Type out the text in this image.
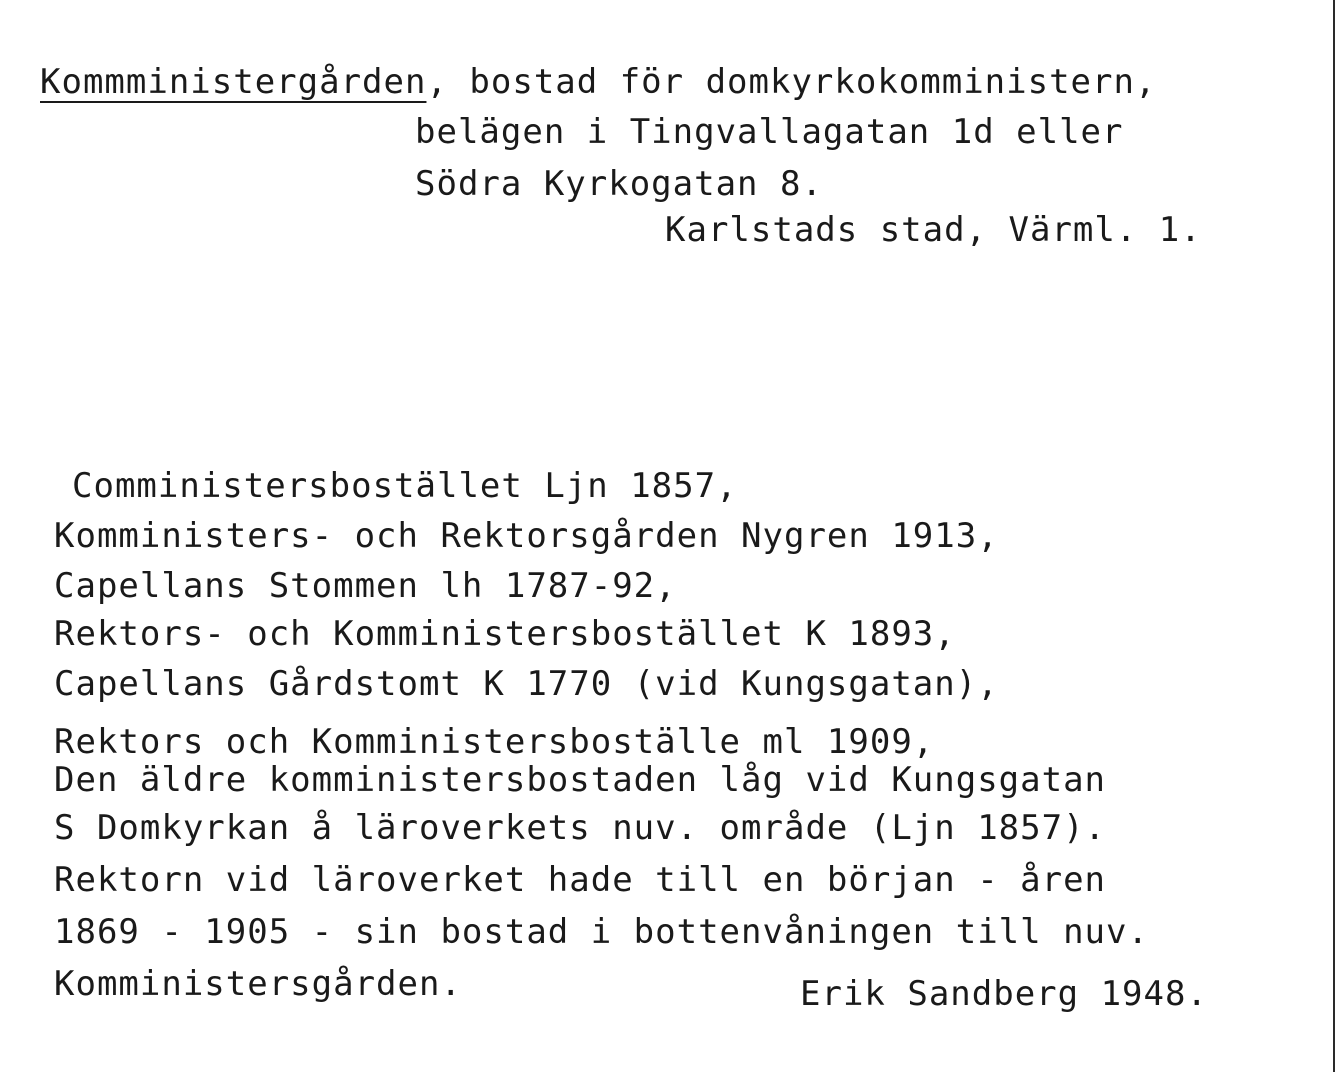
Kommministergården, bostad för domkyrkokomministern,
belägen i Tingvallagatan 1d eller
Södra Kyrkogatan 8.
Karlstads stad, Värml. 1.
Comministersbostället Ljn 1857,
Komministers- och Rektorsgården Nygren 1913,
Capellans Stommen lh 1787-92,
Rektors- och Komministersbostället K 1893,
Capellans Gårdstomt K 1770 (vid Kungsgatan),
Rektors och Komministersboställe ml 1909,
Den äldre komministersbostaden låg vid Kungsgatan
S Domkyrkan å läroverkets nuv. område (Ljn 1857).
Rektorn vid läroverket hade till en början - åren
1869 - 1905 - sin bostad i bottenvåningen till nuv.
Komministersgården.	Erik Sandberg 1948.
